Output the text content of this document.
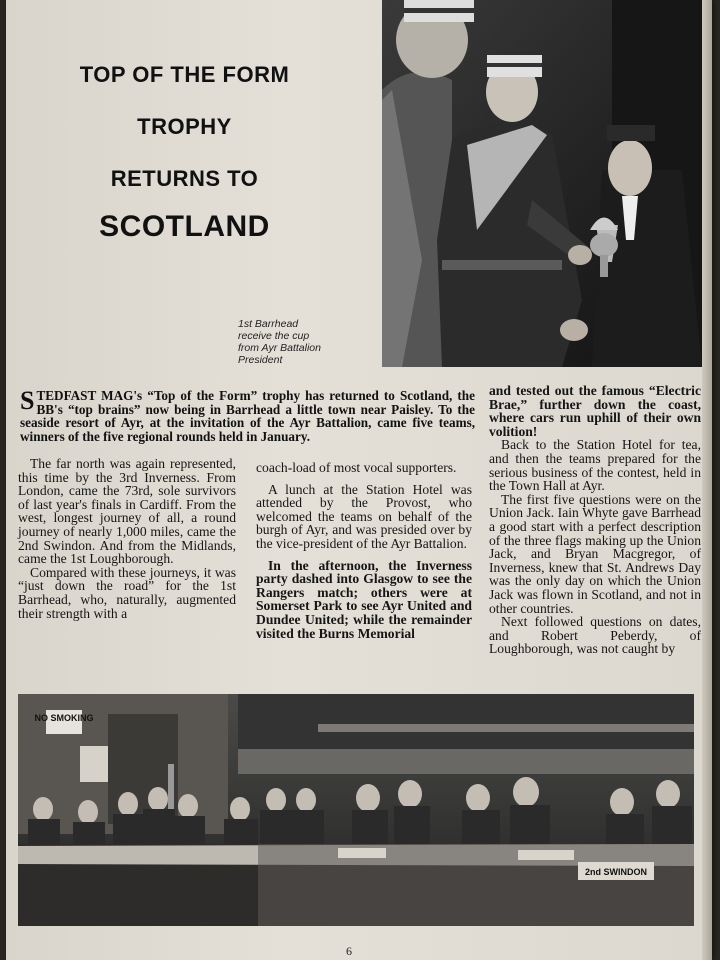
TOP OF THE FORM
TROPHY
RETURNS TO
SCOTLAND
1st Barrhead
receive the cup
from Ayr Battalion
President
S TEDFAST MAG's “Top of the Form” trophy has returned to Scotland, the BB's “top brains” now being in Barrhead a little town near Paisley. To the seaside resort of Ayr, at the invitation of the Ayr Battalion, came five teams, winners of the five regional rounds held in January.

The far north was again represented, this time by the 3rd Inverness. From London, came the 73rd, sole survivors of last year's finals in Cardiff. From the west, longest journey of all, a round journey of nearly 1,000 miles, came the 2nd Swindon. And from the Midlands, came the 1st Loughborough.

Compared with these journeys, it was “just down the road” for the 1st Barrhead, who, naturally, augmented their strength with a

coach-load of most vocal supporters.

A lunch at the Station Hotel was attended by the Provost, who welcomed the teams on behalf of the burgh of Ayr, and was presided over by the vice-president of the Ayr Battalion.

In the afternoon, the Inverness party dashed into Glasgow to see the Rangers match; others were at Somerset Park to see Ayr United and Dundee United; while the remainder visited the Burns Memorial

and tested out the famous “Electric Brae,” further down the coast, where cars run uphill of their own volition!

Back to the Station Hotel for tea, and then the teams prepared for the serious business of the contest, held in the Town Hall at Ayr.

The first five questions were on the Union Jack. Iain Whyte gave Barrhead a good start with a perfect description of the three flags making up the Union Jack, and Bryan Macgregor, of Inverness, knew that St. Andrews Day was the only day on which the Union Jack was flown in Scotland, and not in other countries.

Next followed questions on dates, and Robert Peberdy, of Loughborough, was not caught by

NO SMOKING
2nd SWINDON
6
